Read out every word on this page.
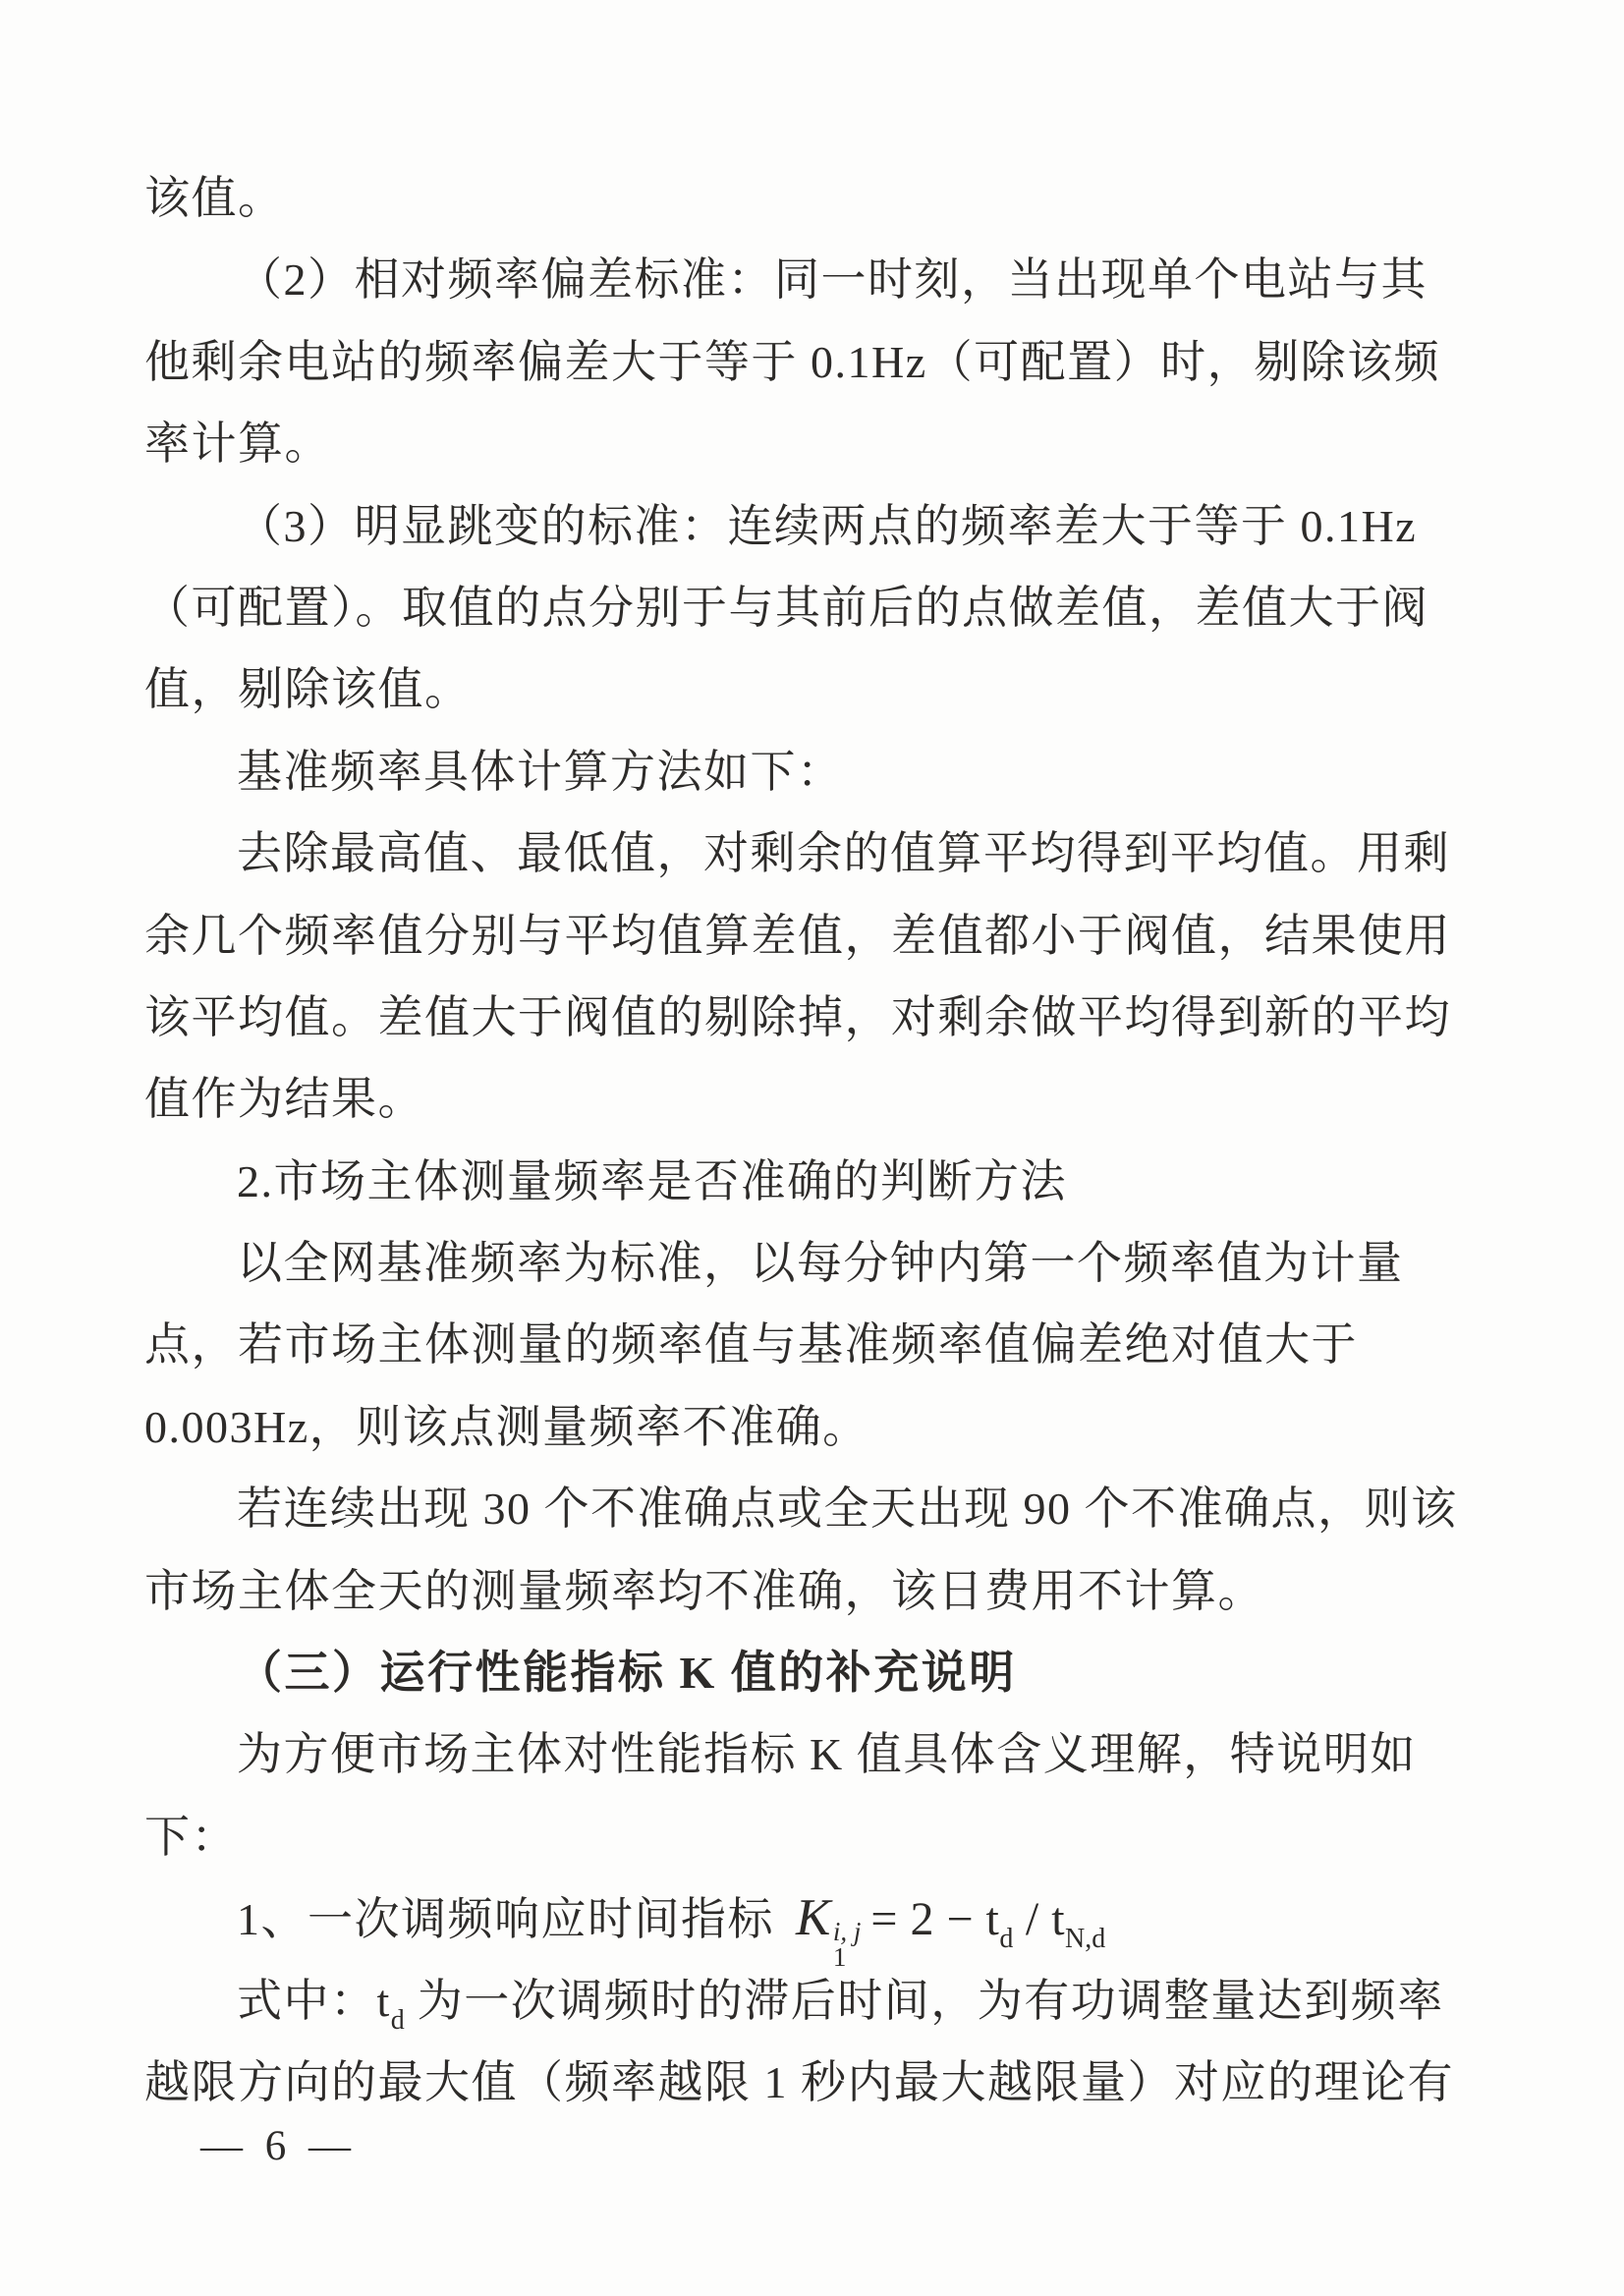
该值。
（2）相对频率偏差标准：同一时刻，当出现单个电站与其
他剩余电站的频率偏差大于等于 0.1Hz（可配置）时，剔除该频
率计算。
（3）明显跳变的标准：连续两点的频率差大于等于 0.1Hz
（可配置）。取值的点分别于与其前后的点做差值，差值大于阀
值，剔除该值。
基准频率具体计算方法如下：
去除最高值、最低值，对剩余的值算平均得到平均值。用剩
余几个频率值分别与平均值算差值，差值都小于阀值，结果使用
该平均值。差值大于阀值的剔除掉，对剩余做平均得到新的平均
值作为结果。
2.市场主体测量频率是否准确的判断方法
以全网基准频率为标准，以每分钟内第一个频率值为计量
点，若市场主体测量的频率值与基准频率值偏差绝对值大于
0.003Hz，则该点测量频率不准确。
若连续出现 30 个不准确点或全天出现 90 个不准确点，则该
市场主体全天的测量频率均不准确，该日费用不计算。
（三）运行性能指标 K 值的补充说明
为方便市场主体对性能指标 K 值具体含义理解，特说明如
下：
1、一次调频响应时间指标 K i, j
1
= $2 - t_d / t_{N,d}$
式中：$t_d$ 为一次调频时的滞后时间，为有功调整量达到频率
越限方向的最大值（频率越限 1 秒内最大越限量）对应的理论有
— 6 —
